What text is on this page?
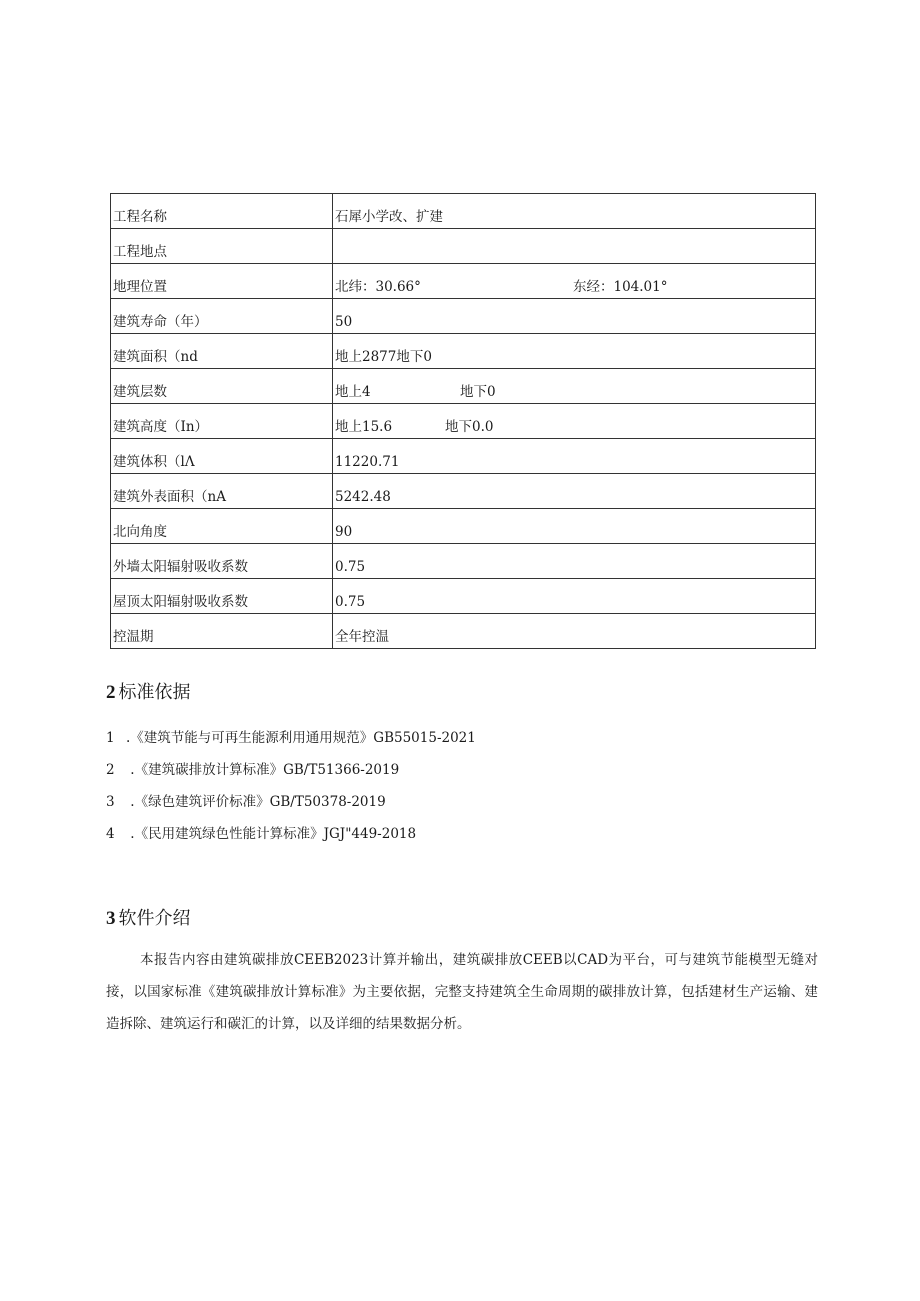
工程名称	石犀小学改、扩建
工程地点	
地理位置	北纬：30.66° 东经：104.01°

建筑寿命（年）	50
建筑面积（nd	地上2877地下0
建筑层数	地上4 地下0

建筑高度（In）	地上15.6 地下0.0

建筑体积（lΛ	11220.71
建筑外表面积（nA	5242.48
北向角度	90
外墙太阳辐射吸收系数	0.75
屋顶太阳辐射吸收系数	0.75
控温期	全年控温
2 标准依据
1 .《建筑节能与可再生能源利用通用规范》GB55015-2021
2 .《建筑碳排放计算标准》GB/T51366-2019
3 .《绿色建筑评价标准》GB/T50378-2019
4 .《民用建筑绿色性能计算标准》JGJ"449-2018
3 软件介绍

本报告内容由建筑碳排放CEEB2023计算并输出，建筑碳排放CEEB以CAD为平台，可与建筑节能模型无缝对接，以国家标准《建筑碳排放计算标准》为主要依据，完整支持建筑全生命周期的碳排放计算，包括建材生产运输、建造拆除、建筑运行和碳汇的计算，以及详细的结果数据分析。
